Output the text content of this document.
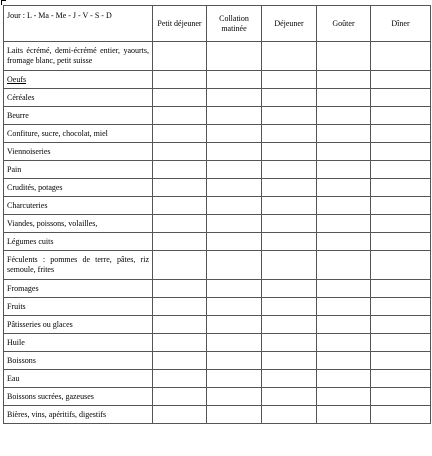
Jour : L - Ma - Me - J - V - S - D	Petit déjeuner	Collation matinée	Déjeuner	Goûter	Dîner
Laits écrémé, demi-écrémé entier, yaourts, fromage blanc, petit suisse					
Oeufs					
Céréales					
Beurre					
Confiture, sucre, chocolat, miel					
Viennoiseries					
Pain					
Crudités, potages					
Charcuteries					
Viandes, poissons, volailles,					
Légumes cuits					
Féculents : pommes de terre, pâtes, riz semoule, frites					
Fromages					
Fruits					
Pâtisseries ou glaces					
Huile					
Boissons					
Eau					
Boissons sucrées, gazeuses					
Bières, vins, apéritifs, digestifs					
